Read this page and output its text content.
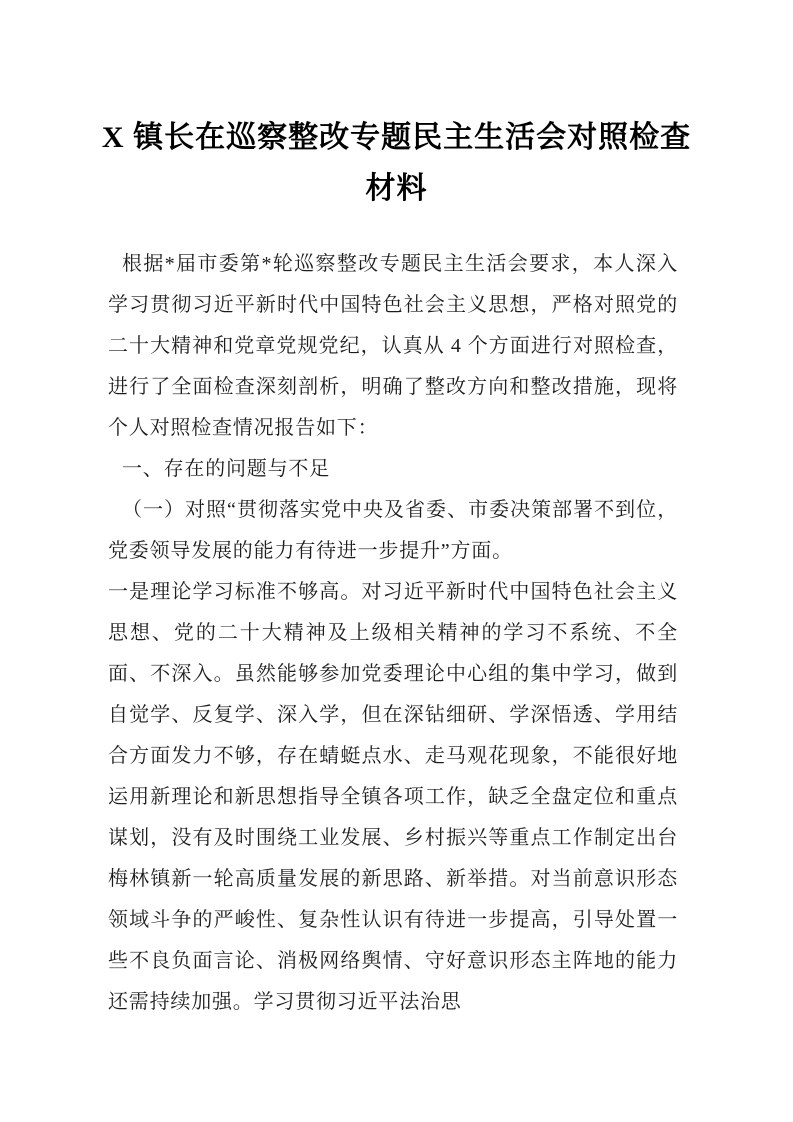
X 镇长在巡察整改专题民主生活会对照检查
材料

根据*届市委第*轮巡察整改专题民主生活会要求，本人深入学习贯彻习近平新时代中国特色社会主义思想，严格对照党的二十大精神和党章党规党纪，认真从 4 个方面进行对照检查，进行了全面检查深刻剖析，明确了整改方向和整改措施，现将个人对照检查情况报告如下：

一、存在的问题与不足

（一）对照“贯彻落实党中央及省委、市委决策部署不到位，党委领导发展的能力有待进一步提升”方面。

一是理论学习标准不够高。对习近平新时代中国特色社会主义思想、党的二十大精神及上级相关精神的学习不系统、不全面、不深入。虽然能够参加党委理论中心组的集中学习，做到自觉学、反复学、深入学，但在深钻细研、学深悟透、学用结合方面发力不够，存在蜻蜓点水、走马观花现象，不能很好地运用新理论和新思想指导全镇各项工作，缺乏全盘定位和重点谋划，没有及时围绕工业发展、乡村振兴等重点工作制定出台梅林镇新一轮高质量发展的新思路、新举措。对当前意识形态领域斗争的严峻性、复杂性认识有待进一步提高，引导处置一些不良负面言论、消极网络舆情、守好意识形态主阵地的能力还需持续加强。学习贯彻习近平法治思
